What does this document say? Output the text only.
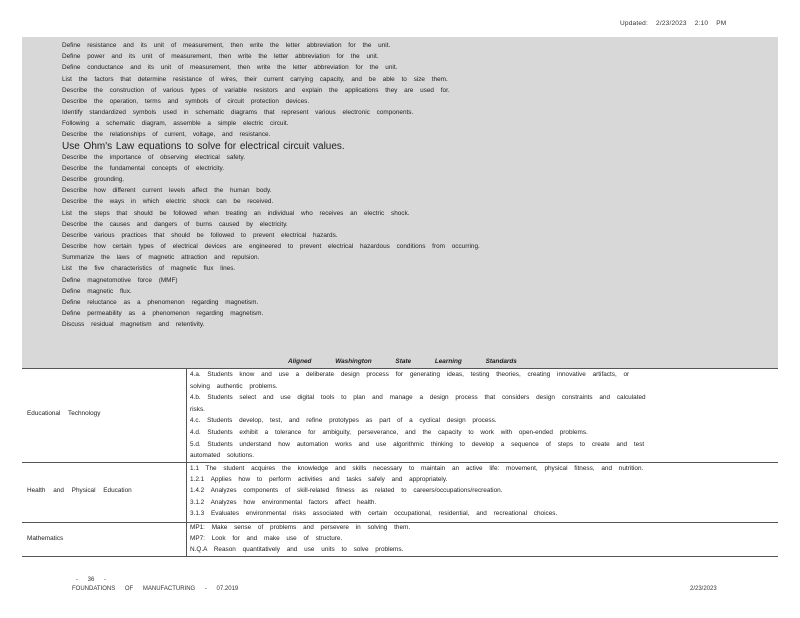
Updated: 2/23/2023 2:10 PM
Define resistance and its unit of measurement, then write the letter abbreviation for the unit.
Define power and its unit of measurement, then write the letter abbreviation for the unit.
Define conductance and its unit of measurement, then write the letter abbreviation for the unit.
List the factors that determine resistance of wires, their current carrying capacity, and be able to size them.
Describe the construction of various types of variable resistors and explain the applications they are used for.
Describe the operation, terms and symbols of circuit protection devices.
Identify standardized symbols used in schematic diagrams that represent various electronic components.
Following a schematic diagram, assemble a simple electric circuit.
Describe the relationships of current, voltage, and resistance.
Use Ohm's Law equations to solve for electrical circuit values.
Describe the importance of observing electrical safety.
Describe the fundamental concepts of electricity.
Describe grounding.
Describe how different current levels affect the human body.
Describe the ways in which electric shock can be received.
List the steps that should be followed when treating an individual who receives an electric shock.
Describe the causes and dangers of burns caused by electricity.
Describe various practices that should be followed to prevent electrical hazards.
Describe how certain types of electrical devices are engineered to prevent electrical hazardous conditions from occurring.
Summarize the laws of magnetic attraction and repulsion.
List the five characteristics of magnetic flux lines.
Define magnetomotive force (MMF)
Define magnetic flux.
Define reluctance as a phenomenon regarding magnetism.
Define permeability as a phenomenon regarding magnetism.
Discuss residual magnetism and retentivity.
Aligned Washington State Learning Standards
Educational Technology
Health and Physical Education
Mathematics
4.a. Students know and use a deliberate design process for generating ideas, testing theories, creating innovative artifacts, or
solving authentic problems.
4.b. Students select and use digital tools to plan and manage a design process that considers design constraints and calculated
risks.
4.c. Students develop, test, and refine prototypes as part of a cyclical design process.
4.d. Students exhibit a tolerance for ambiguity, perseverance, and the capacity to work with open-ended problems.
5.d. Students understand how automation works and use algorithmic thinking to develop a sequence of steps to create and test
automated solutions.
1.1 The student acquires the knowledge and skills necessary to maintain an active life: movement, physical fitness, and nutrition.
1.2.1 Applies how to perform activities and tasks safely and appropriately.
1.4.2 Analyzes components of skill-related fitness as related to careers/occupations/recreation.
3.1.2 Analyzes how environmental factors affect health.
3.1.3 Evaluates environmental risks associated with certain occupational, residential, and recreational choices.
MP1: Make sense of problems and persevere in solving them.
MP7: Look for and make use of structure.
N.Q.A Reason quantitatively and use units to solve problems.
- 36 -
FOUNDATIONS OF MANUFACTURING - 07.2019	2/23/2023
